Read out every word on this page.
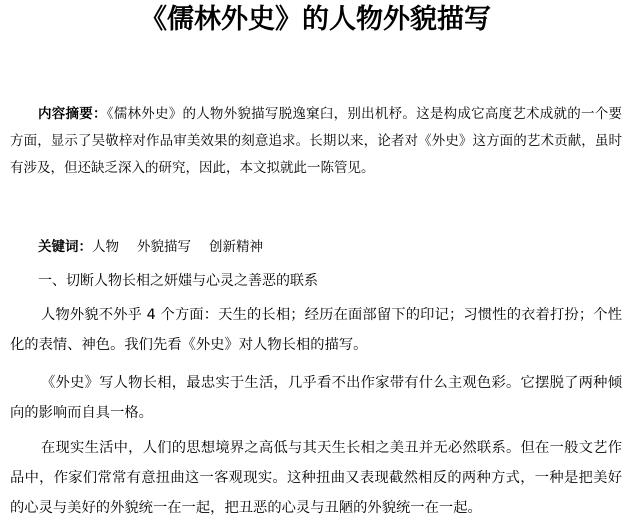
《儒林外史》的人物外貌描写
内容摘要：《儒林外史》的人物外貌描写脱逸窠臼，别出机杼。这是构成它高度艺术成就的一个要方面，显示了吴敬梓对作品审美效果的刻意追求。长期以来，论者对《外史》这方面的艺术贡献，虽时有涉及，但还缺乏深入的研究，因此，本文拟就此一陈管见。
关键词：人物 外貌描写 创新精神
一、切断人物长相之妍媸与心灵之善恶的联系
人物外貌不外乎 4 个方面：天生的长相；经历在面部留下的印记；习惯性的衣着打扮；个性化的表情、神色。我们先看《外史》对人物长相的描写。
《外史》写人物长相，最忠实于生活，几乎看不出作家带有什么主观色彩。它摆脱了两种倾向的影响而自具一格。
在现实生活中，人们的思想境界之高低与其天生长相之美丑并无必然联系。但在一般文艺作品中，作家们常常有意扭曲这一客观现实。这种扭曲又表现截然相反的两种方式，一种是把美好的心灵与美好的外貌统一在一起，把丑恶的心灵与丑陋的外貌统一在一起。
